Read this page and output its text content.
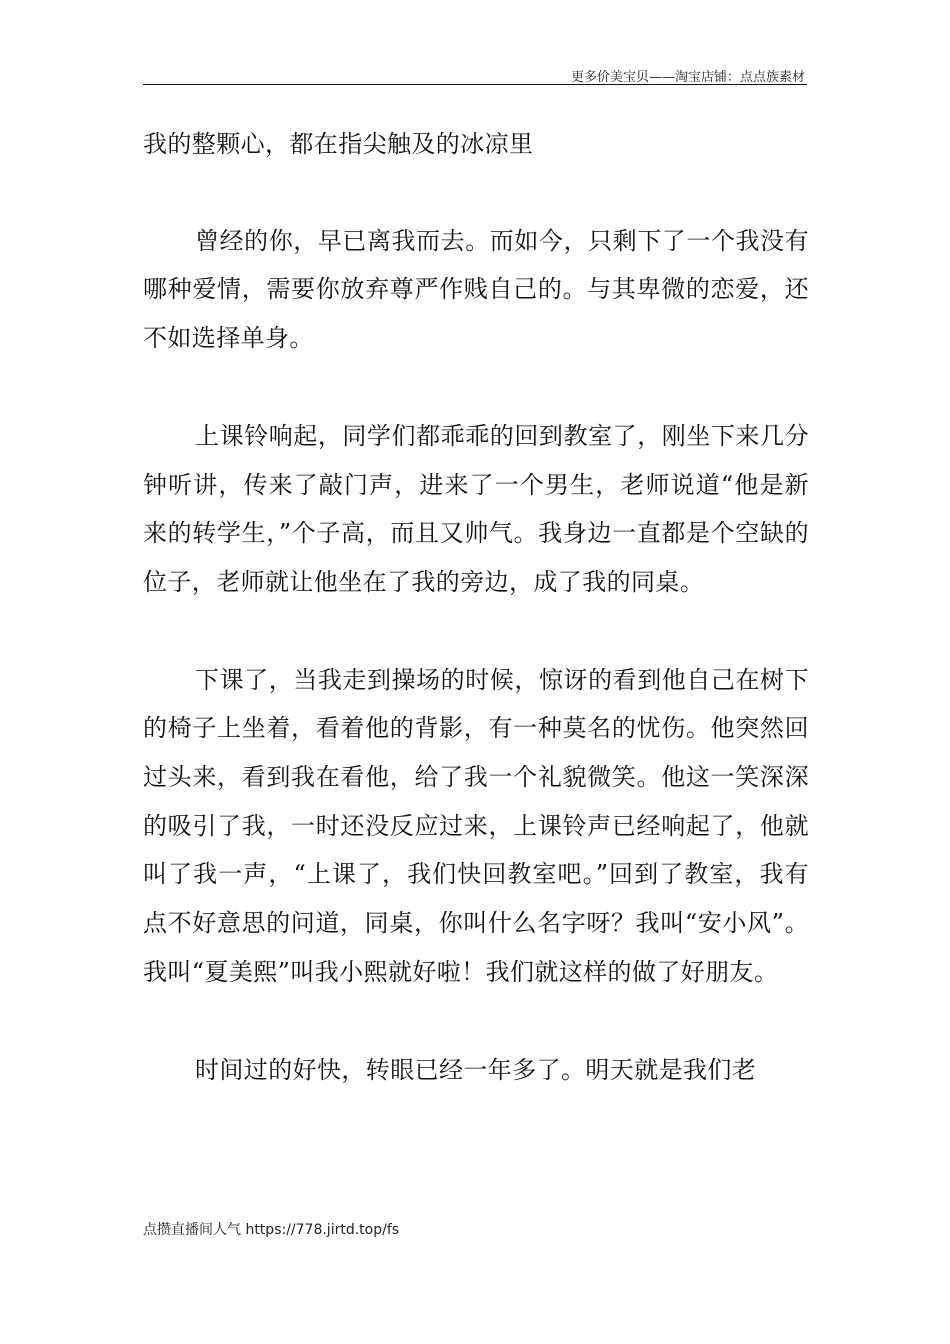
更多价美宝贝——淘宝店铺：点点族素材

我的整颗心，都在指尖触及的冰凉里

曾经的你，早已离我而去。而如今，只剩下了一个我没有哪种爱情，需要你放弃尊严作贱自己的。与其卑微的恋爱，还不如选择单身。

上课铃响起，同学们都乖乖的回到教室了，刚坐下来几分钟听讲，传来了敲门声，进来了一个男生，老师说道“他是新来的转学生，”个子高，而且又帅气。我身边一直都是个空缺的位子，老师就让他坐在了我的旁边，成了我的同桌。

下课了，当我走到操场的时候，惊讶的看到他自己在树下的椅子上坐着，看着他的背影，有一种莫名的忧伤。他突然回过头来，看到我在看他，给了我一个礼貌微笑。他这一笑深深的吸引了我，一时还没反应过来，上课铃声已经响起了，他就叫了我一声，“上课了，我们快回教室吧。”回到了教室，我有点不好意思的问道，同桌，你叫什么名字呀？我叫“安小风”。我叫“夏美熙”叫我小熙就好啦！我们就这样的做了好朋友。

时间过的好快，转眼已经一年多了。明天就是我们老

点攒直播间人气 https://778.jirtd.top/fs
